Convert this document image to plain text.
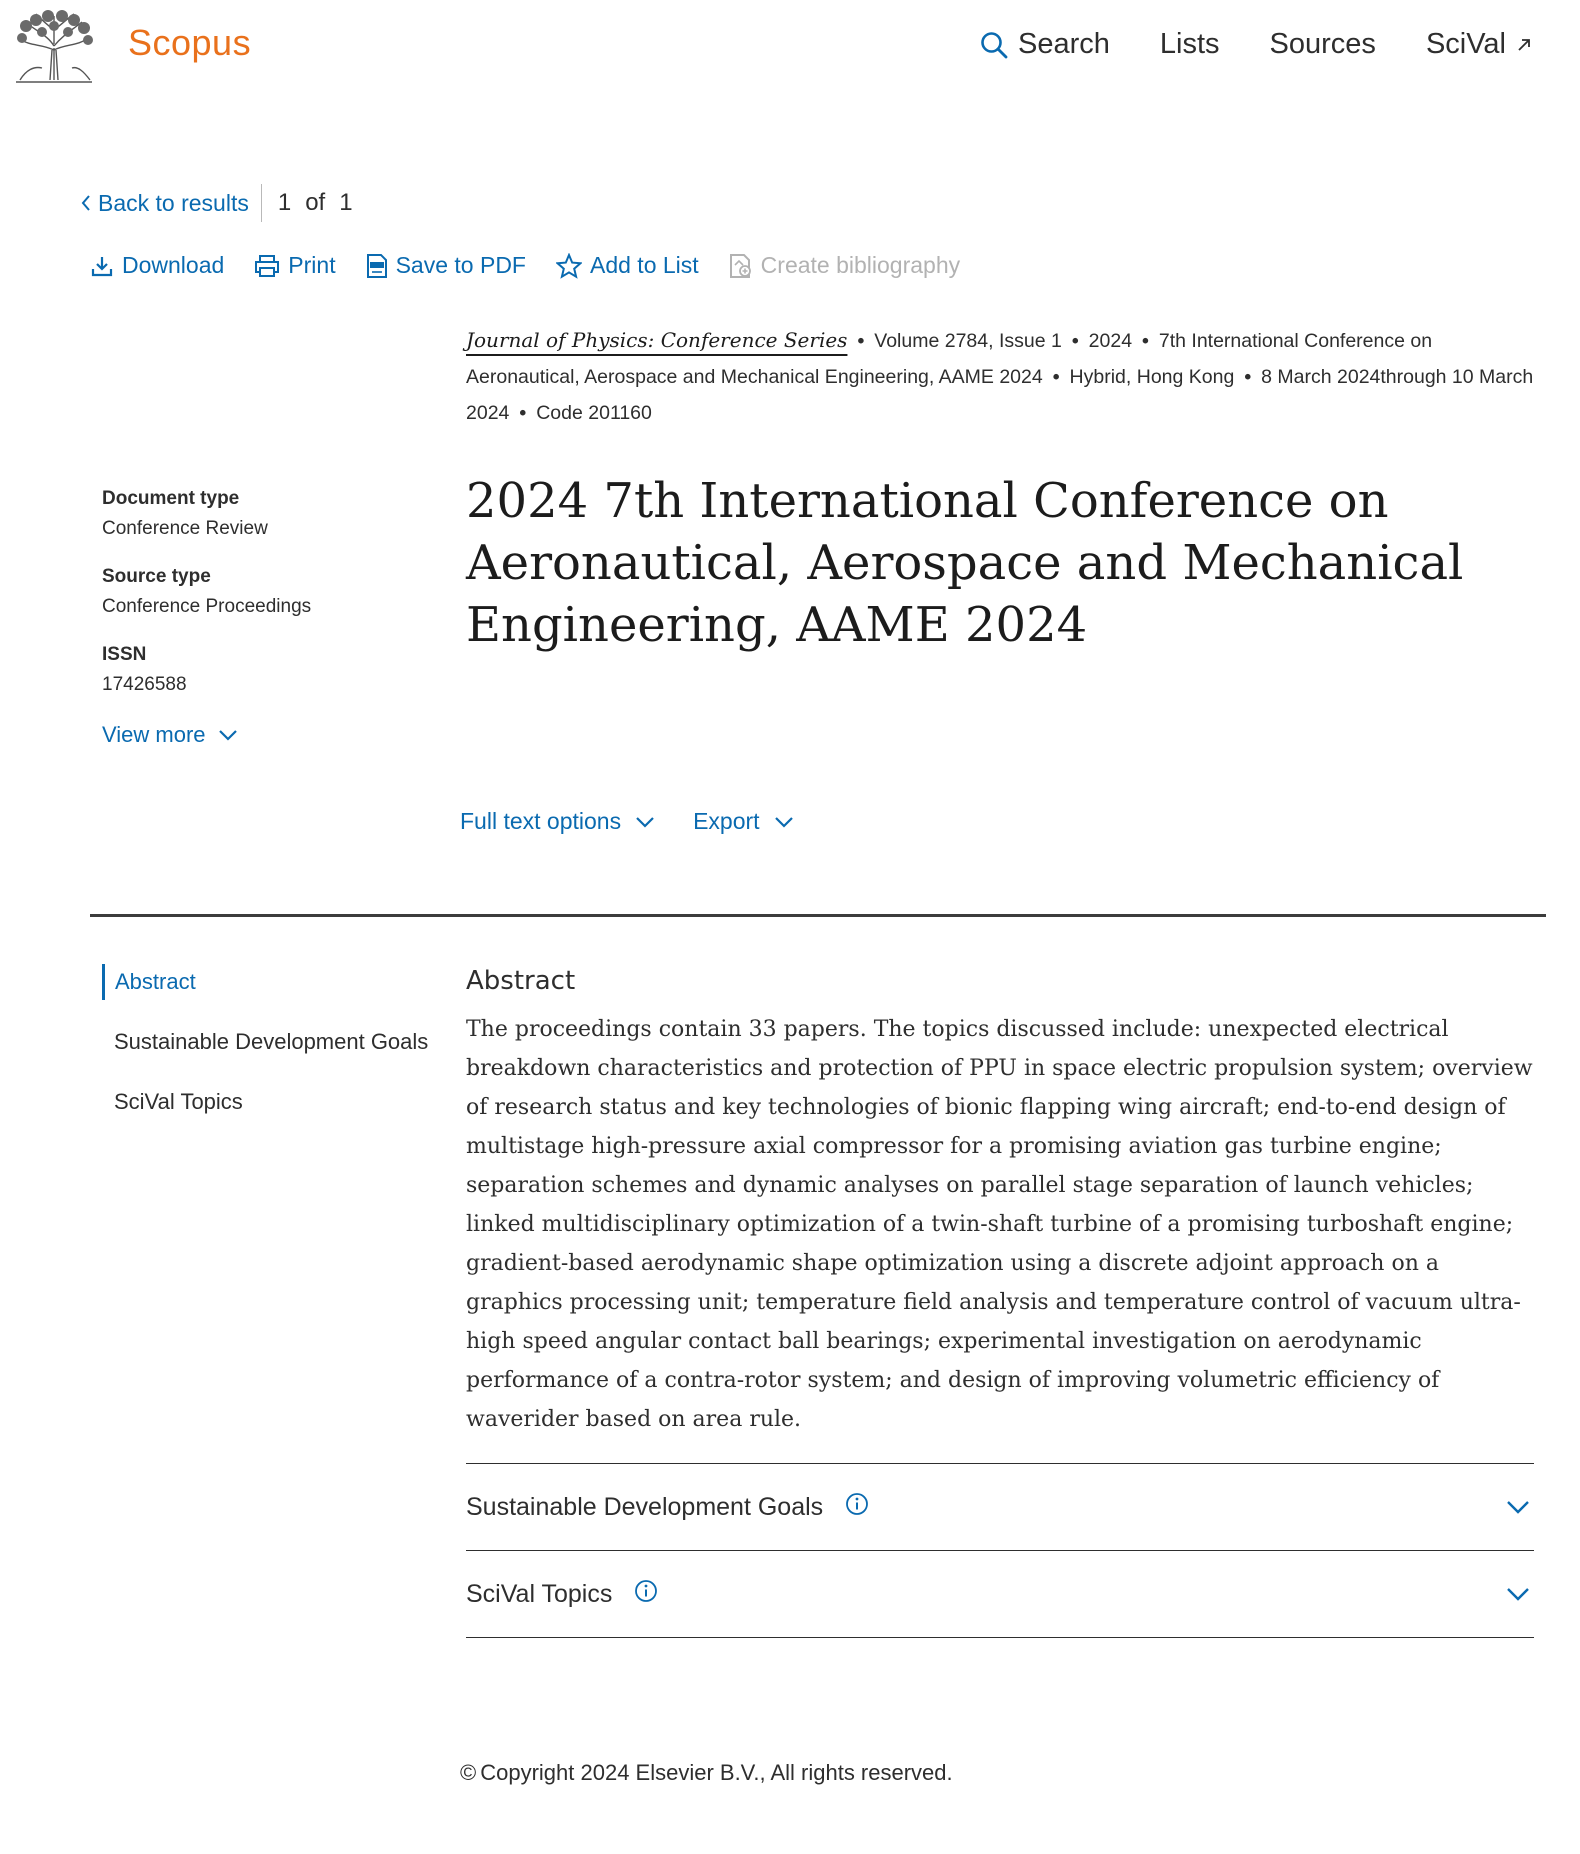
Scopus	Search Lists Sources SciVal
Back to results 1 of 1
Download	Print	Save to PDF	Add to List	Create bibliography
Journal of Physics: Conference Series • Volume 2784, Issue 1 • 2024 • 7th International Conference on Aeronautical, Aerospace and Mechanical Engineering, AAME 2024 • Hybrid, Hong Kong • 8 March 2024through 10 March 2024 • Code 201160
Document type
Conference Review
Source type
Conference Proceedings
ISSN
17426588
View more
2024 7th International Conference on Aeronautical, Aerospace and Mechanical Engineering, AAME 2024
Full text options	Export
Abstract
Sustainable Development Goals
SciVal Topics
Abstract

The proceedings contain 33 papers. The topics discussed include: unexpected electrical breakdown characteristics and protection of PPU in space electric propulsion system; overview of research status and key technologies of bionic flapping wing aircraft; end-to-end design of multistage high-pressure axial compressor for a promising aviation gas turbine engine; separation schemes and dynamic analyses on parallel stage separation of launch vehicles; linked multidisciplinary optimization of a twin-shaft turbine of a promising turboshaft engine; gradient-based aerodynamic shape optimization using a discrete adjoint approach on a graphics processing unit; temperature field analysis and temperature control of vacuum ultra-high speed angular contact ball bearings; experimental investigation on aerodynamic performance of a contra-rotor system; and design of improving volumetric efficiency of waverider based on area rule.

Sustainable Development Goals
SciVal Topics
© Copyright 2024 Elsevier B.V., All rights reserved.
